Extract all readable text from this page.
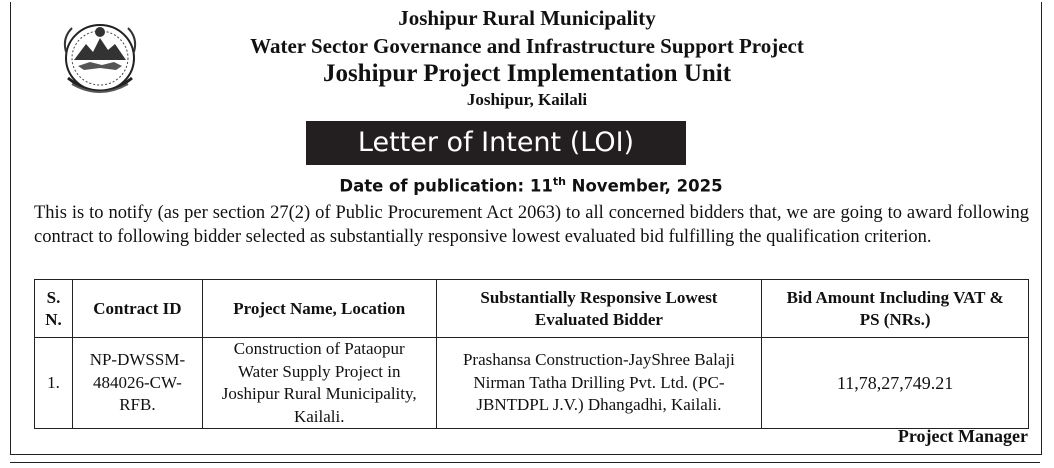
Joshipur Rural Municipality
Water Sector Governance and Infrastructure Support Project
Joshipur Project Implementation Unit
Joshipur, Kailali
Letter of Intent (LOI)
Date of publication: 11th November, 2025
This is to notify (as per section 27(2) of Public Procurement Act 2063) to all concerned bidders that, we are going to award following contract to following bidder selected as substantially responsive lowest evaluated bid fulfilling the qualification criterion.
S. N.	Contract ID	Project Name, Location	Substantially Responsive Lowest Evaluated Bidder	Bid Amount Including VAT & PS (NRs.)
1.	NP-DWSSM-484026-CW-RFB.	Construction of Pataopur Water Supply Project in Joshipur Rural Municipality, Kailali.	Prashansa Construction-JayShree Balaji Nirman Tatha Drilling Pvt. Ltd. (PC-JBNTDPL J.V.) Dhangadhi, Kailali.	11,78,27,749.21
Project Manager
